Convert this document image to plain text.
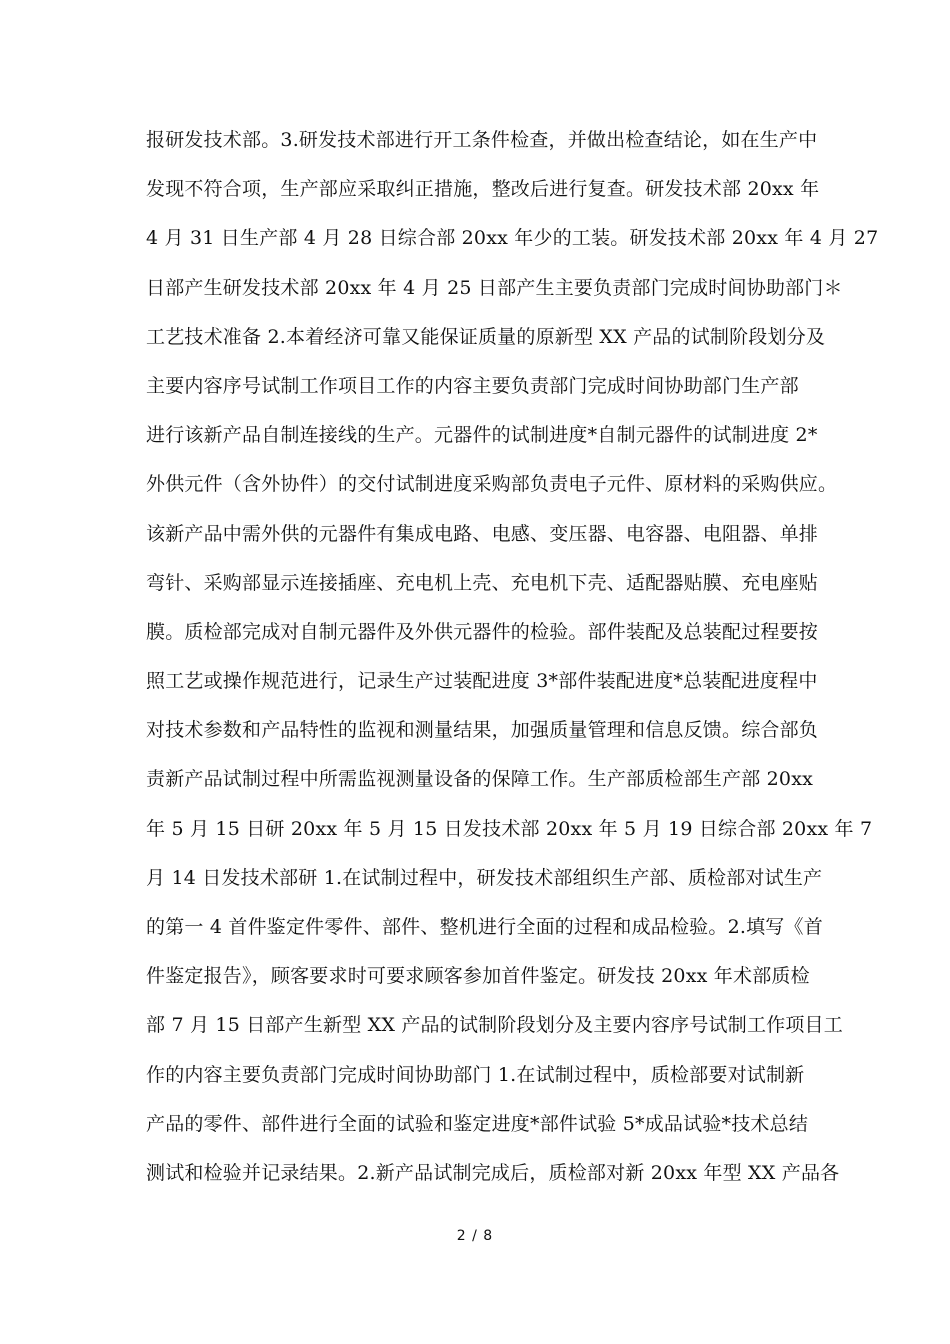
报研发技术部。3.研发技术部进行开工条件检查，并做出检查结论，如在生产中
发现不符合项，生产部应采取纠正措施，整改后进行复查。研发技术部 20xx 年
4 月 31 日生产部 4 月 28 日综合部 20xx 年少的工装。研发技术部 20xx 年 4 月 27
日部产生研发技术部 20xx 年 4 月 25 日部产生主要负责部门完成时间协助部门＊
工艺技术准备 2.本着经济可靠又能保证质量的原新型 XX 产品的试制阶段划分及
主要内容序号试制工作项目工作的内容主要负责部门完成时间协助部门生产部
进行该新产品自制连接线的生产。元器件的试制进度*自制元器件的试制进度 2*
外供元件（含外协件）的交付试制进度采购部负责电子元件、原材料的采购供应。
该新产品中需外供的元器件有集成电路、电感、变压器、电容器、电阻器、单排
弯针、采购部显示连接插座、充电机上壳、充电机下壳、适配器贴膜、充电座贴
膜。质检部完成对自制元器件及外供元器件的检验。部件装配及总装配过程要按
照工艺或操作规范进行，记录生产过装配进度 3*部件装配进度*总装配进度程中
对技术参数和产品特性的监视和测量结果，加强质量管理和信息反馈。综合部负
责新产品试制过程中所需监视测量设备的保障工作。生产部质检部生产部 20xx
年 5 月 15 日研 20xx 年 5 月 15 日发技术部 20xx 年 5 月 19 日综合部 20xx 年 7
月 14 日发技术部研 1.在试制过程中，研发技术部组织生产部、质检部对试生产
的第一 4 首件鉴定件零件、部件、整机进行全面的过程和成品检验。2.填写《首
件鉴定报告》，顾客要求时可要求顾客参加首件鉴定。研发技 20xx 年术部质检
部 7 月 15 日部产生新型 XX 产品的试制阶段划分及主要内容序号试制工作项目工
作的内容主要负责部门完成时间协助部门 1.在试制过程中，质检部要对试制新
产品的零件、部件进行全面的试验和鉴定进度*部件试验 5*成品试验*技术总结
测试和检验并记录结果。2.新产品试制完成后，质检部对新 20xx 年型 XX 产品各
2 / 8
